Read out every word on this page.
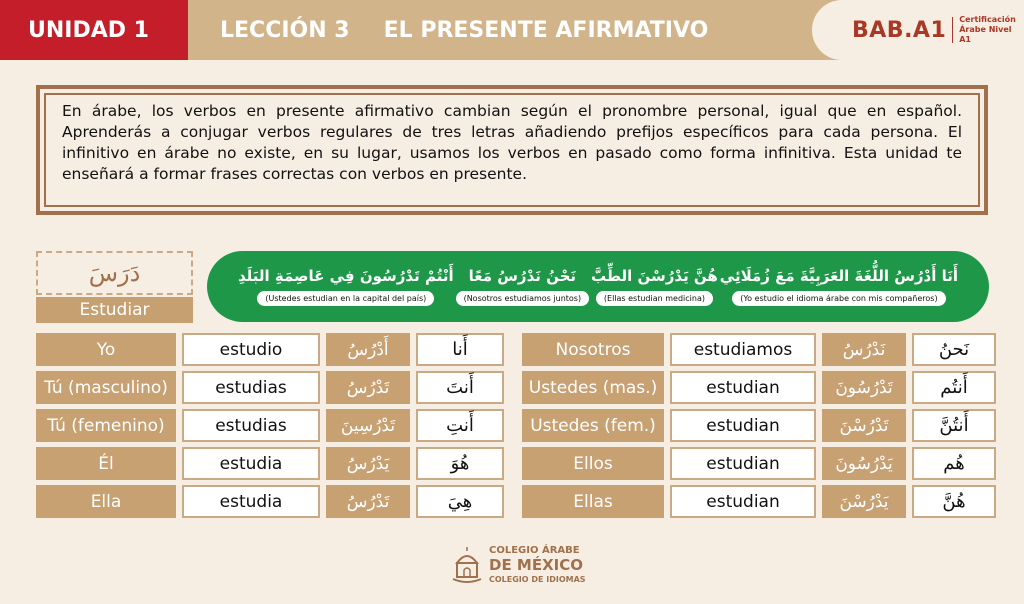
UNIDAD 1	LECCIÓN 3 EL PRESENTE AFIRMATIVO	BAB.A1 Certificación
Árabe Nivel A1

En árabe, los verbos en presente afirmativo cambian según el pronombre personal, igual que en español. Aprenderás a conjugar verbos regulares de tres letras añadiendo prefijos específicos para cada persona. El infinitivo en árabe no existe, en su lugar, usamos los verbos en pasado como forma infinitiva. Esta unidad te enseñará a formar frases correctas con verbos en presente.

دَرَسَ
Estudiar
أَنْتُمْ تَدْرُسُونَ فِي عَاصِمَةِ البَلَدِ
(Ustedes estudian en la capital del país)
نَحْنُ نَدْرُسُ مَعًا
(Nosotros estudiamos juntos)
هُنَّ يَدْرُسْنَ الطِّبَّ
(Ellas estudian medicina)
أَنَا أَدْرُسُ اللُّغَةَ العَرَبِيَّةَ مَعَ زُمَلَائِي
(Yo estudio el idioma árabe con mis compañeros)
Yo	estudio	أَدْرُسُ	أَنا
Tú (masculino)	estudias	تَدْرُسُ	أَنتَ
Tú (femenino)	estudias	تَدْرُسِينَ	أَنتِ
Él	estudia	يَدْرُسُ	هُوَ
Ella	estudia	تَدْرُسُ	هِيَ
Nosotros	estudiamos	نَدْرُسُ	نَحنُ
Ustedes (mas.)	estudian	تَدْرُسُونَ	أَنتُم
Ustedes (fem.)	estudian	تَدْرُسْنَ	أَنتُنَّ
Ellos	estudian	يَدْرُسُونَ	هُم
Ellas	estudian	يَدْرُسْنَ	هُنَّ
COLEGIO ÁRABE
DE MÉXICO
COLEGIO DE IDIOMAS
